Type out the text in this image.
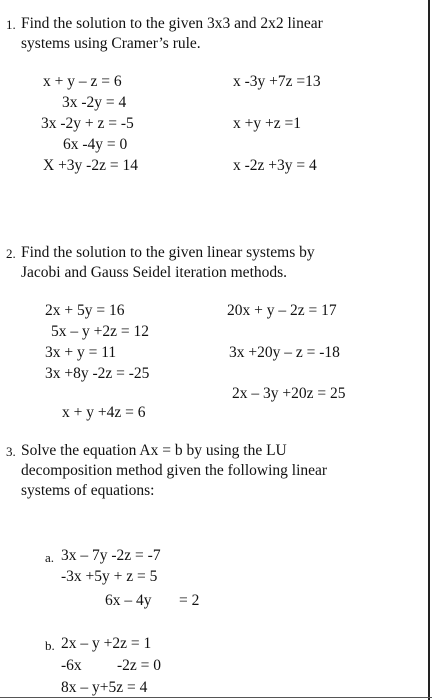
1. Find the solution to the given 3x3 and 2x2 linear
systems using Cramer’s rule.
x + y – z = 6
3x -2y = 4
3x -2y + z = -5
6x -4y = 0
X +3y -2z = 14
x -3y +7z =13
x +y +z =1
x -2z +3y = 4
2. Find the solution to the given linear systems by
Jacobi and Gauss Seidel iteration methods.
2x + 5y = 16
5x – y +2z = 12
3x + y = 11
3x +8y -2z = -25
x + y +4z = 6
20x + y – 2z = 17
3x +20y – z = -18
2x – 3y +20z = 25
3. Solve the equation Ax = b by using the LU
decomposition method given the following linear
systems of equations:
a. 3x – 7y -2z = -7
-3x +5y + z = 5
6x – 4y = 2
b. 2x – y +2z = 1
-6x -2z = 0
8x – y+5z = 4
